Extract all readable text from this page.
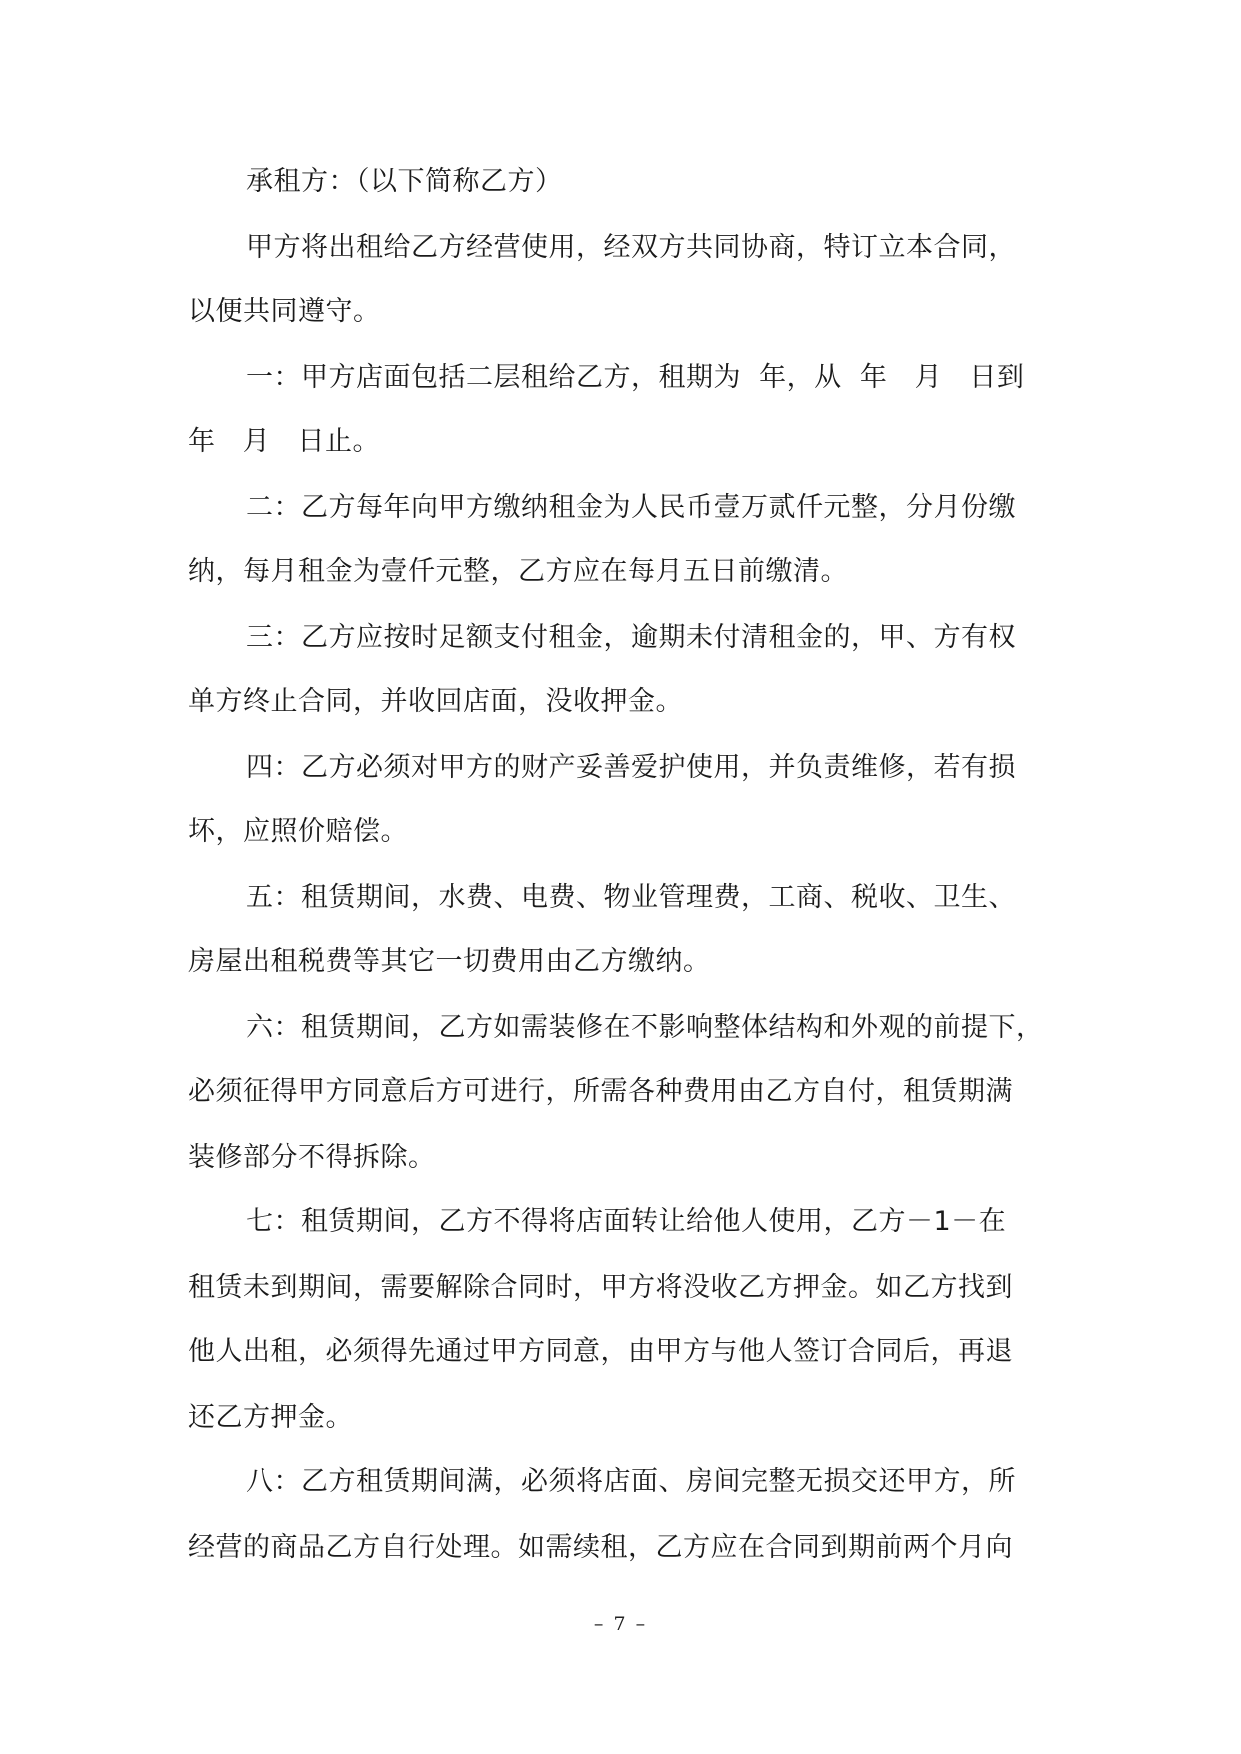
承租方：（以下简称乙方）
甲方将出租给乙方经营使用，经双方共同协商，特订立本合同，
以便共同遵守。
一：甲方店面包括二层租给乙方，租期为  年，从  年   月   日到
年   月   日止。
二：乙方每年向甲方缴纳租金为人民币壹万贰仟元整，分月份缴
纳，每月租金为壹仟元整，乙方应在每月五日前缴清。
三：乙方应按时足额支付租金，逾期未付清租金的，甲、方有权
单方终止合同，并收回店面，没收押金。
四：乙方必须对甲方的财产妥善爱护使用，并负责维修，若有损
坏，应照价赔偿。
五：租赁期间，水费、电费、物业管理费，工商、税收、卫生、
房屋出租税费等其它一切费用由乙方缴纳。
六：租赁期间，乙方如需装修在不影响整体结构和外观的前提下，
必须征得甲方同意后方可进行，所需各种费用由乙方自付，租赁期满
装修部分不得拆除。
七：租赁期间，乙方不得将店面转让给他人使用，乙方－1－在
租赁未到期间，需要解除合同时，甲方将没收乙方押金。如乙方找到
他人出租，必须得先通过甲方同意，由甲方与他人签订合同后，再退
还乙方押金。
八：乙方租赁期间满，必须将店面、房间完整无损交还甲方，所
经营的商品乙方自行处理。如需续租，乙方应在合同到期前两个月向
– 7 –
